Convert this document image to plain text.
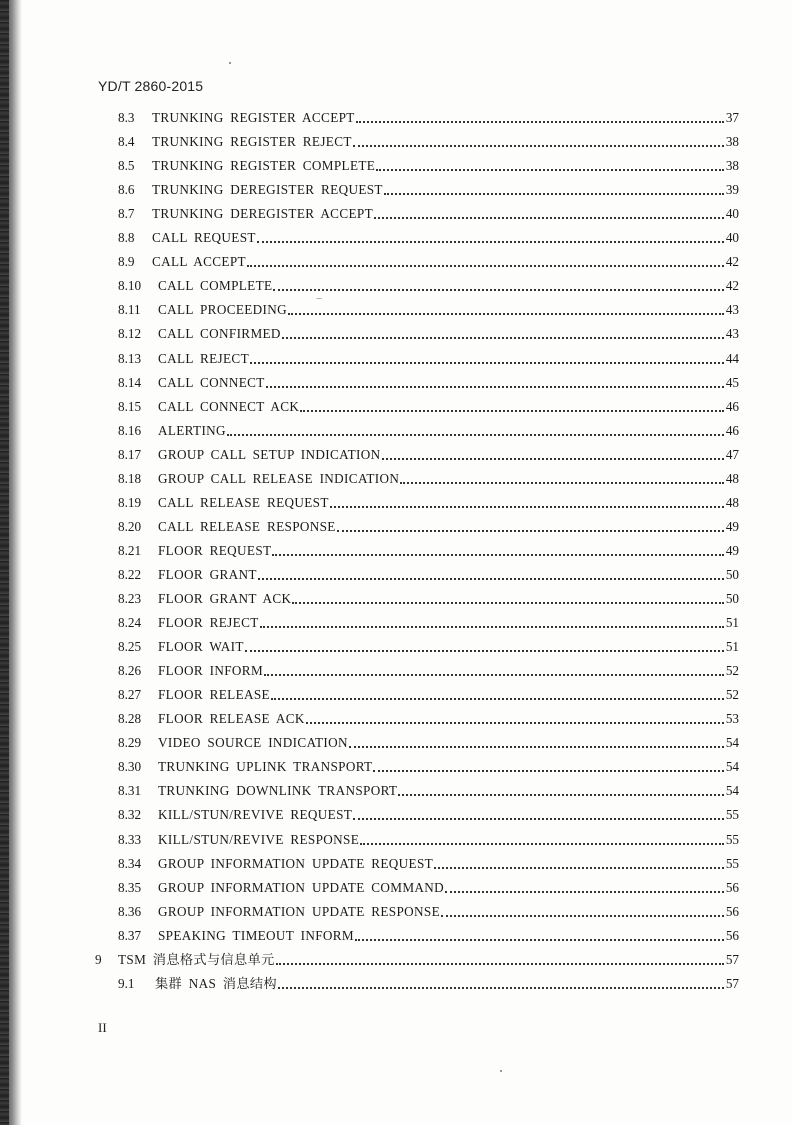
YD/T 2860-2015
8.3	TRUNKING REGISTER ACCEPT	37
8.4	TRUNKING REGISTER REJECT	38
8.5	TRUNKING REGISTER COMPLETE	38
8.6	TRUNKING DEREGISTER REQUEST	39
8.7	TRUNKING DEREGISTER ACCEPT	40
8.8	CALL REQUEST	40
8.9	CALL ACCEPT	42
8.10	CALL COMPLETE	42
8.11	CALL PROCEEDING	43
8.12	CALL CONFIRMED	43
8.13	CALL REJECT	44
8.14	CALL CONNECT	45
8.15	CALL CONNECT ACK	46
8.16	ALERTING	46
8.17	GROUP CALL SETUP INDICATION	47
8.18	GROUP CALL RELEASE INDICATION	48
8.19	CALL RELEASE REQUEST	48
8.20	CALL RELEASE RESPONSE	49
8.21	FLOOR REQUEST	49
8.22	FLOOR GRANT	50
8.23	FLOOR GRANT ACK	50
8.24	FLOOR REJECT	51
8.25	FLOOR WAIT	51
8.26	FLOOR INFORM	52
8.27	FLOOR RELEASE	52
8.28	FLOOR RELEASE ACK	53
8.29	VIDEO SOURCE INDICATION	54
8.30	TRUNKING UPLINK TRANSPORT	54
8.31	TRUNKING DOWNLINK TRANSPORT	54
8.32	KILL/STUN/REVIVE REQUEST	55
8.33	KILL/STUN/REVIVE RESPONSE	55
8.34	GROUP INFORMATION UPDATE REQUEST	55
8.35	GROUP INFORMATION UPDATE COMMAND	56
8.36	GROUP INFORMATION UPDATE RESPONSE	56
8.37	SPEAKING TIMEOUT INFORM	56
9	TSM 消息格式与信息单元	57
9.1	集群 NAS 消息结构	57
II
